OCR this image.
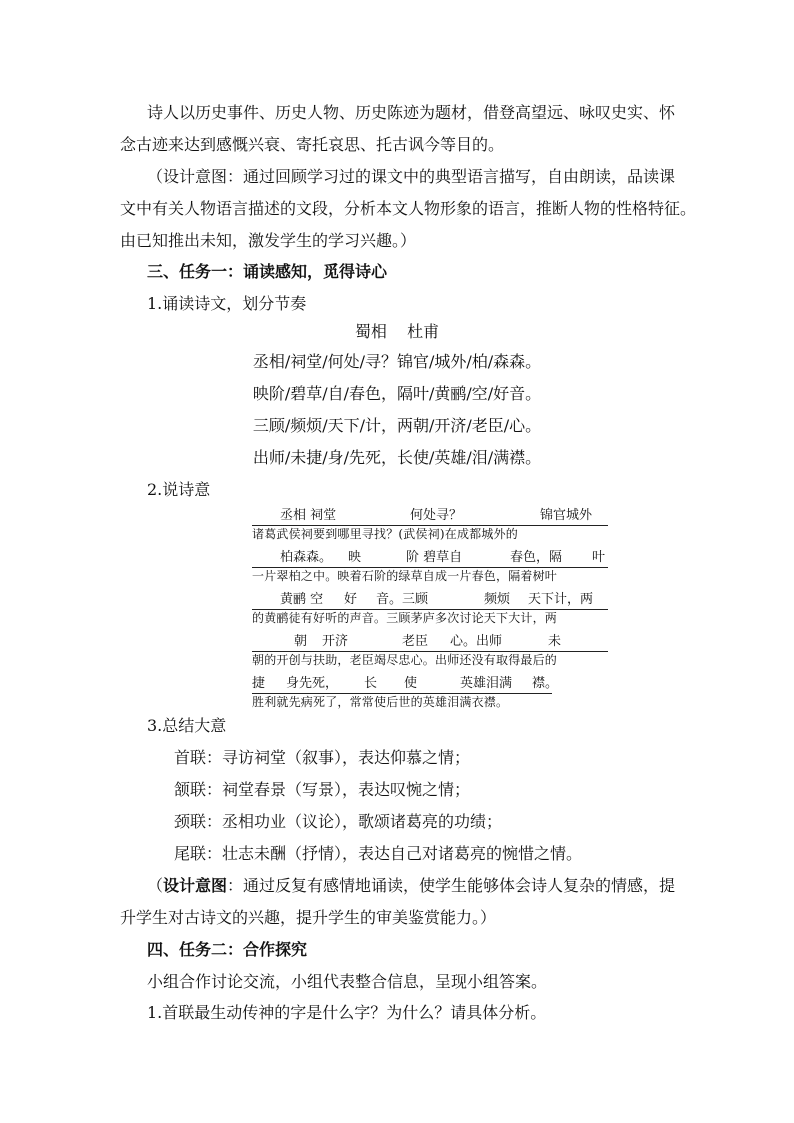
诗人以历史事件、历史人物、历史陈迹为题材，借登高望远、咏叹史实、怀
念古迹来达到感慨兴衰、寄托哀思、托古讽今等目的。
（设计意图：通过回顾学习过的课文中的典型语言描写，自由朗读，品读课
文中有关人物语言描述的文段，分析本文人物形象的语言，推断人物的性格特征。
由已知推出未知，激发学生的学习兴趣。）
三、任务一：诵读感知，觅得诗心
1.诵读诗文，划分节奏
蜀相    杜甫
丞相/祠堂/何处/寻？锦官/城外/柏/森森。
映阶/碧草/自/春色，隔叶/黄鹂/空/好音。
三顾/频烦/天下/计，两朝/开济/老臣/心。
出师/未捷/身/先死，长使/英雄/泪/满襟。
2.说诗意
丞相 祠堂	何处寻？	锦官城外
诸葛武侯祠要到哪里寻找？(武侯祠)在成都城外的
柏森森。 映	阶 碧草自	春色，隔 叶
一片翠柏之中。映着石阶的绿草自成一片春色，隔着树叶
黄鹂 空 好 音。三顾	频烦 天下计，两
的黄鹂徒有好听的声音。三顾茅庐多次讨论天下大计，两
朝 开济	老臣 心。出师	未
朝的开创与扶助，老臣竭尽忠心。出师还没有取得最后的
捷 身先死， 长 使	英雄泪满 襟。
胜利就先病死了，常常使后世的英雄泪满衣襟。
3.总结大意
首联：寻访祠堂（叙事），表达仰慕之情；
颔联：祠堂春景（写景），表达叹惋之情；
颈联：丞相功业（议论），歌颂诸葛亮的功绩；
尾联：壮志未酬（抒情），表达自己对诸葛亮的惋惜之情。
（设计意图：通过反复有感情地诵读，使学生能够体会诗人复杂的情感，提
升学生对古诗文的兴趣，提升学生的审美鉴赏能力。）
四、任务二：合作探究
小组合作讨论交流，小组代表整合信息，呈现小组答案。
1.首联最生动传神的字是什么字？为什么？请具体分析。
